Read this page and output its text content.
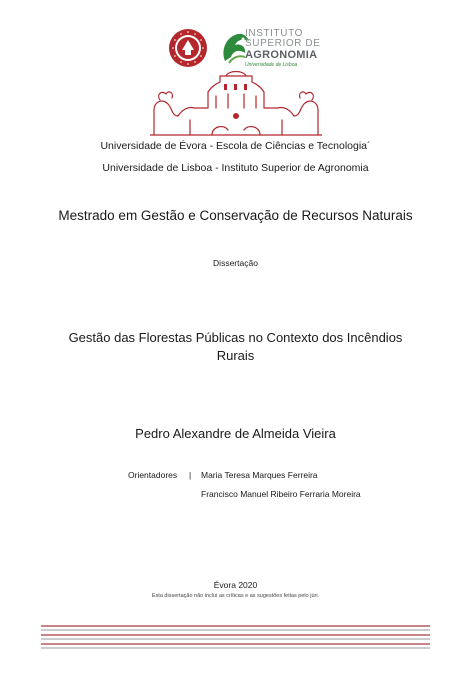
INSTITUTO
SUPERIOR DE
AGRONOMIA
Universidade de Lisboa
Universidade de Évora - Escola de Ciências e Tecnologia´
Universidade de Lisboa - Instituto Superior de Agronomia
Mestrado em Gestão e Conservação de Recursos Naturais
Dissertação
Gestão das Florestas Públicas no Contexto dos Incêndios
Rurais
Pedro Alexandre de Almeida Vieira
Orientadores | Maria Teresa Marques Ferreira
Francisco Manuel Ribeiro Ferraria Moreira
Évora 2020
Esta dissertação não inclui as críticas e as sugestões feitas pelo júri.
